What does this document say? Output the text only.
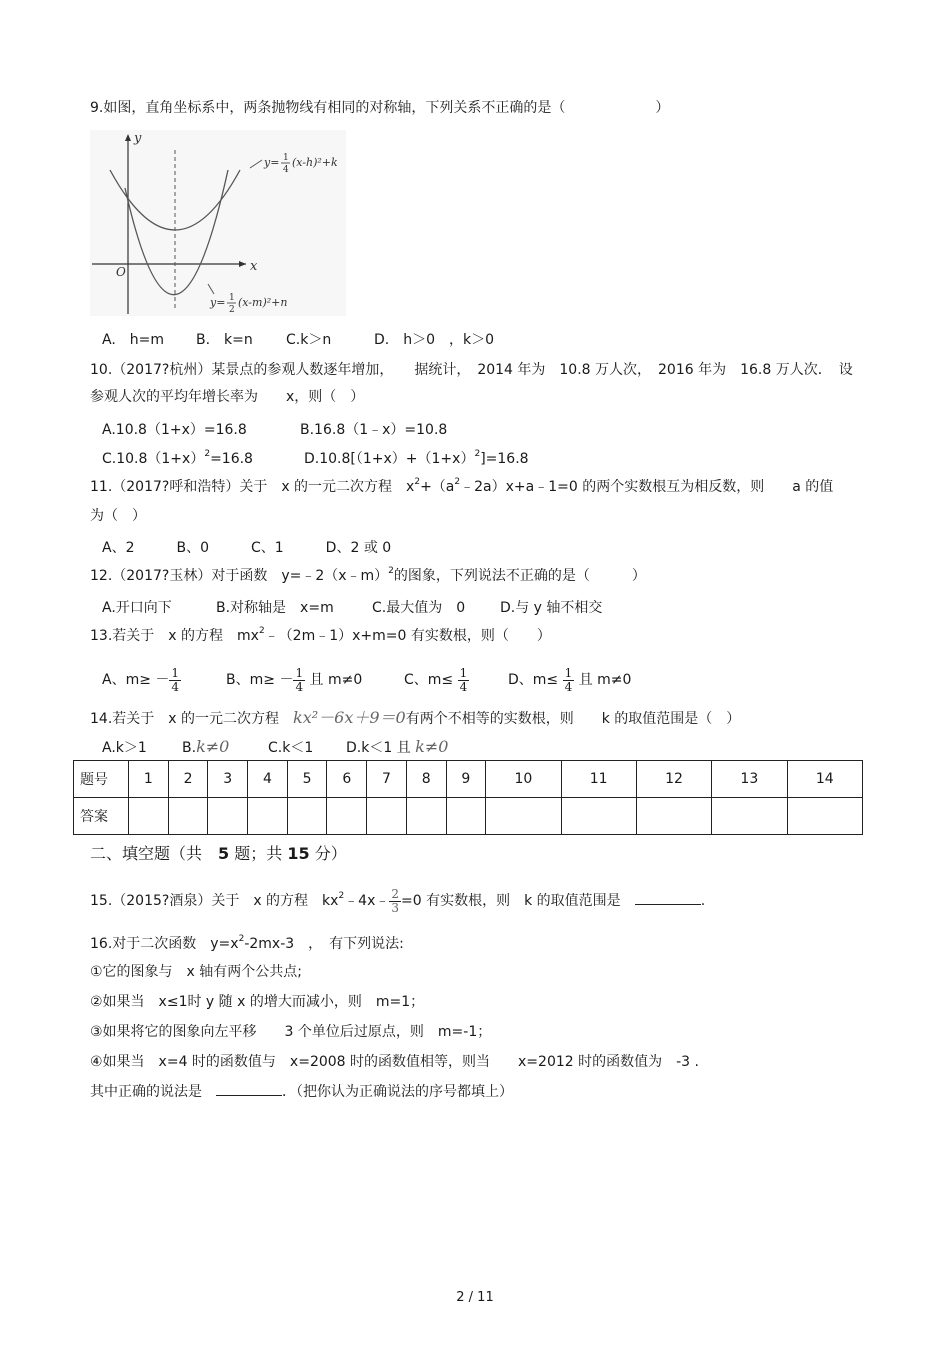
9.如图，直角坐标系中，两条抛物线有相同的对称轴，下列关系不正确的是（	）
y
x
O
y= 1
4
(x-h)²+k
y= 1
2
(x-m)²+n
A.　h=m B.　k=n C.k＞n	D.　h＞0　，k＞0
10.（2017?杭州）某景点的参观人数逐年增加，　　据统计，　2014 年为　10.8 万人次，　2016 年为　16.8 万人次．　设
参观人次的平均年增长率为　　x，则（　）
A.10.8（1+x）=16.8	B.16.8（1﹣x）=10.8
$C.10.8(1+x)^2=16.8$	$D.10.8[(1+x)+(1+x)^2]=16.8$
11.（2017?呼和浩特）关于　x 的一元二次方程　$x^2+(a^2﹣2a)x+a﹣1=0$ 的两个实数根互为相反数，则　　a 的值
为（　）
A、2　　　B、0　　　C、1　　　D、2 或 0
12.（2017?玉林）对于函数　y=﹣2（x﹣m）$^2$的图象，下列说法不正确的是（　　　）
A.开口向下	B.对称轴是　x=m	C.最大值为　0 D.与 y 轴不相交
13.若关于　x 的方程　$mx^2﹣(2m﹣1)x+m=0$ 有实数根，则（　　）
A、$m\ge - \frac{1}{4}$	B、$m\ge - \frac{1}{4}$ 且 m≠0	C、$m\le \frac{1}{4}$	D、$m\le \frac{1}{4}$ 且 m≠0
14.若关于　x 的一元二次方程　 kx²－6x＋9＝0有两个不相等的实数根，则　　k 的取值范围是（　）
A.k＞1	B.k≠0	C.k＜1 D.k＜1 且 k≠0
题号	1	2	3	4	5	6	7	8	9	10	11	12	13	14
答案														
二、填空题（共　5 题；共 15 分）
15.（2015?酒泉）关于　x 的方程　$kx^2﹣4x﹣ \frac{2}{3} =0$ 有实数根，则　k 的取值范围是　	.
16.对于二次函数　$y=x^2-2mx-3$　，　有下列说法:
①它的图象与　x 轴有两个公共点;
②如果当　x≤1时 y 随 x 的增大而减小，则　m=1；
③如果将它的图象向左平移　　3 个单位后过原点，则　m=-1；
④如果当　x=4 时的函数值与　x=2008 时的函数值相等，则当　　x=2012 时的函数值为　-3 .
其中正确的说法是　	．（把你认为正确说法的序号都填上）
2 / 11
